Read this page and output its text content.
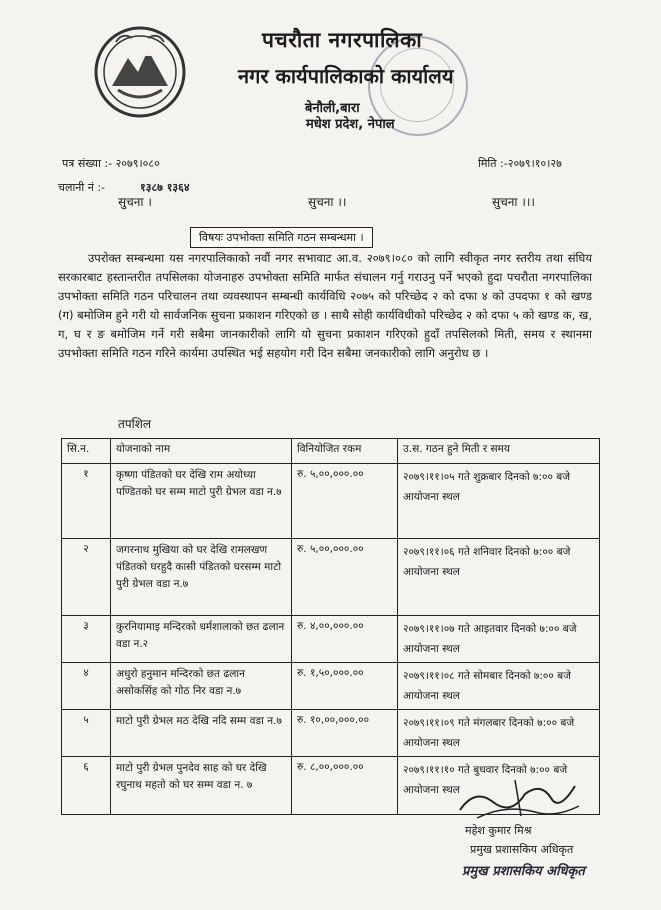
पचरौता नगरपालिका
नगर कार्यपालिकाको कार्यालय
बेनौली,बारा
मधेश प्रदेश, नेपाल
पत्र संख्या :- २०७९।०८०
चलानी नं :-	१३८७ १३६४
मिति :-२०७९।१०।२७
सुचना ।	सुचना ।।	सुचना ।।।
विषयः उपभोक्ता समिति गठन सम्बन्धमा ।

उपरोक्त सम्बन्धमा यस नगरपालिकाको नवौं नगर सभावाट आ.व. २०७९।०८० को लागि स्वीकृत नगर स्तरीय तथा संघिय सरकारबाट हस्तान्तरीत तपसिलका योजनाहरु उपभोक्ता समिति मार्फत संचालन गर्नु गराउनु पर्ने भएको हुदा पचरौता नगरपालिका उपभोक्ता समिति गठन परिचालन तथा व्यवस्थापन सम्बन्धी कार्यविधि २०७५ को परिच्छेद २ को दफा ४ को उपदफा १ को खण्ड (ग) बमोजिम हुने गरी यो सार्वजनिक सुचना प्रकाशन गरिएको छ । साथै सोही कार्यविधीको परिच्छेद २ को दफा ५ को खण्ड क, ख, ग, घ र ङ बमोजिम गर्ने गरी सबैमा जानकारीको लागि यो सुचना प्रकाशन गरिएको हुदाँ तपसिलको मिती, समय र स्थानमा उपभोक्ता समिति गठन गरिने कार्यमा उपस्थित भई सहयोग गरी दिन सबैमा जनकारीको लागि अनुरोध छ ।

तपशिल
सि.न.	योजनाको नाम	विनियोजित रकम	उ.स. गठन हुने मिती र समय
१	कृष्णा पंडितको घर देखि राम अयोध्या पण्डितको घर सम्म माटो पुरी ग्रेभल वडा न.७	रु. ५,००,०००.००	२०७९।११।०५ गते शुक्रबार दिनको ७:०० बजे आयोजना स्थल
२	जगरनाथ मुखिया को घर देखि रामलखण पंडितको घरहुदै कासी पंडितको घरसम्म माटो पुरी ग्रेभल वडा न.७	रु. ५,००,०००.००	२०७९।११।०६ गते शनिवार दिनको ७:०० बजे आयोजना स्थल
३	कुरनियामाइ मन्दिरको धर्मशालाको छत ढलान वडा न.२	रु. ४,००,०००.००	२०७९।११।०७ गते आइतवार दिनको ७:०० बजे आयोजना स्थल
४	अधुरो हनुमान मन्दिरको छत ढलान असोकसिंह को गोठ निर वडा न.७	रु. १,५०,०००.००	२०७९।११।०८ गते सोमबार दिनको ७:०० बजे आयोजना स्थल
५	माटो पुरी ग्रेभल मठ देखि नदि सम्म वडा न.७	रु. १०,००,०००.००	२०७९।११।०९ गते मंगलबार दिनको ७:०० बजे आयोजना स्थल
६	माटो पुरी ग्रेभल पुनदेव साह को घर देखि रघुनाथ महतो को घर सम्म वडा न. ७	रु. ८,००,०००.००	२०७९।११।१० गते बुधवार दिनको ७:०० बजे आयोजना स्थल
महेश कुमार मिश्र
प्रमुख प्रशासकिय अधिकृत
प्रमुख प्रशासकिय अधिकृत
